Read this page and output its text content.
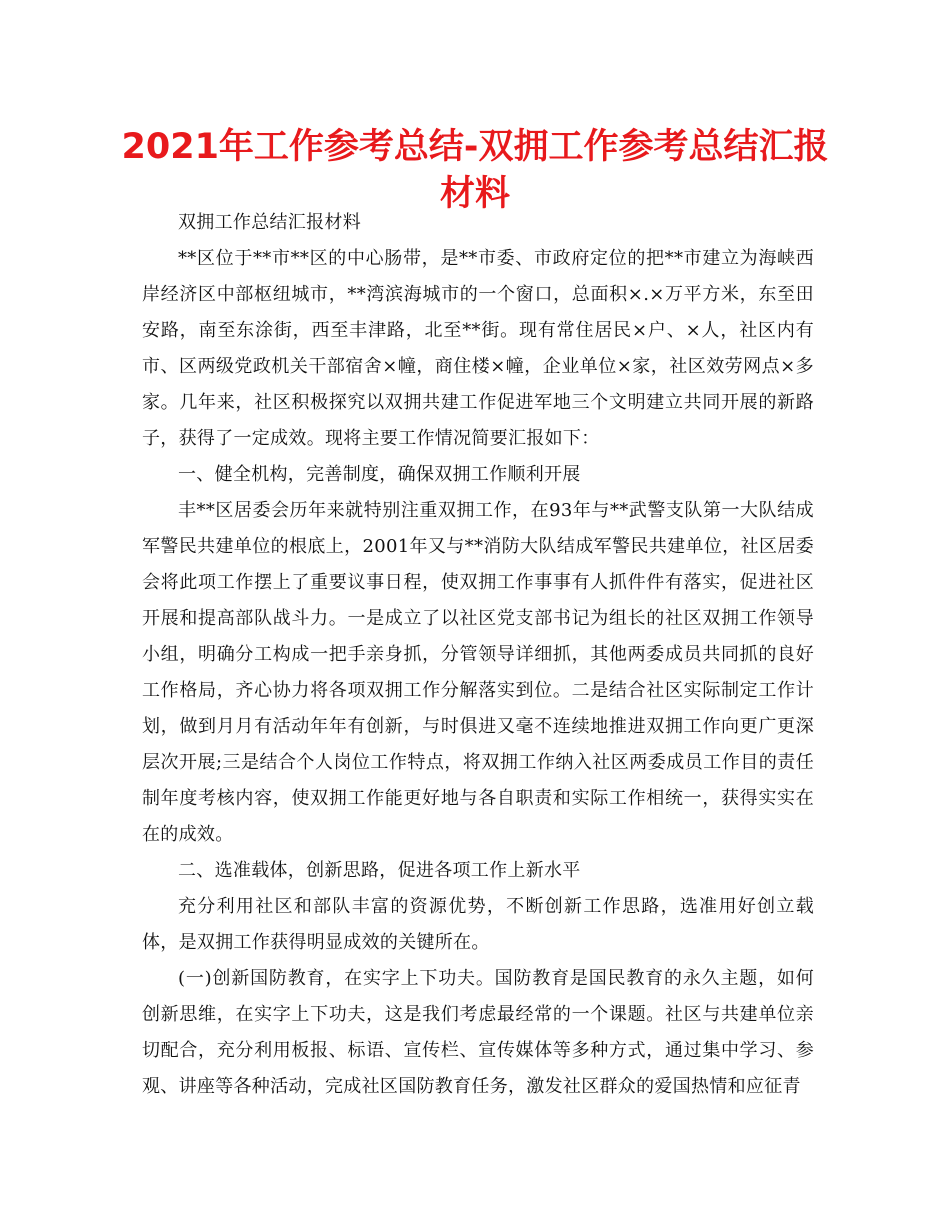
2021年工作参考总结-双拥工作参考总结汇报材料

双拥工作总结汇报材料

**区位于**市**区的中心肠带，是**市委、市政府定位的把**市建立为海峡西岸经济区中部枢纽城市，**湾滨海城市的一个窗口，总面积×.×万平方米，东至田安路，南至东涂街，西至丰津路，北至**街。现有常住居民×户、×人，社区内有市、区两级党政机关干部宿舍×幢，商住楼×幢，企业单位×家，社区效劳网点×多家。几年来，社区积极探究以双拥共建工作促进军地三个文明建立共同开展的新路子，获得了一定成效。现将主要工作情况简要汇报如下：

一、健全机构，完善制度，确保双拥工作顺利开展

丰**区居委会历年来就特别注重双拥工作，在93年与**武警支队第一大队结成军警民共建单位的根底上，2001年又与**消防大队结成军警民共建单位，社区居委会将此项工作摆上了重要议事日程，使双拥工作事事有人抓件件有落实，促进社区开展和提高部队战斗力。一是成立了以社区党支部书记为组长的社区双拥工作领导小组，明确分工构成一把手亲身抓，分管领导详细抓，其他两委成员共同抓的良好工作格局，齐心协力将各项双拥工作分解落实到位。二是结合社区实际制定工作计划，做到月月有活动年年有创新，与时俱进又毫不连续地推进双拥工作向更广更深层次开展;三是结合个人岗位工作特点，将双拥工作纳入社区两委成员工作目的责任制年度考核内容，使双拥工作能更好地与各自职责和实际工作相统一，获得实实在在的成效。

二、选准载体，创新思路，促进各项工作上新水平

充分利用社区和部队丰富的资源优势，不断创新工作思路，选准用好创立载体，是双拥工作获得明显成效的关键所在。

(一)创新国防教育，在实字上下功夫。国防教育是国民教育的永久主题，如何创新思维，在实字上下功夫，这是我们考虑最经常的一个课题。社区与共建单位亲切配合，充分利用板报、标语、宣传栏、宣传媒体等多种方式，通过集中学习、参观、讲座等各种活动，完成社区国防教育任务，激发社区群众的爱国热情和应征青
